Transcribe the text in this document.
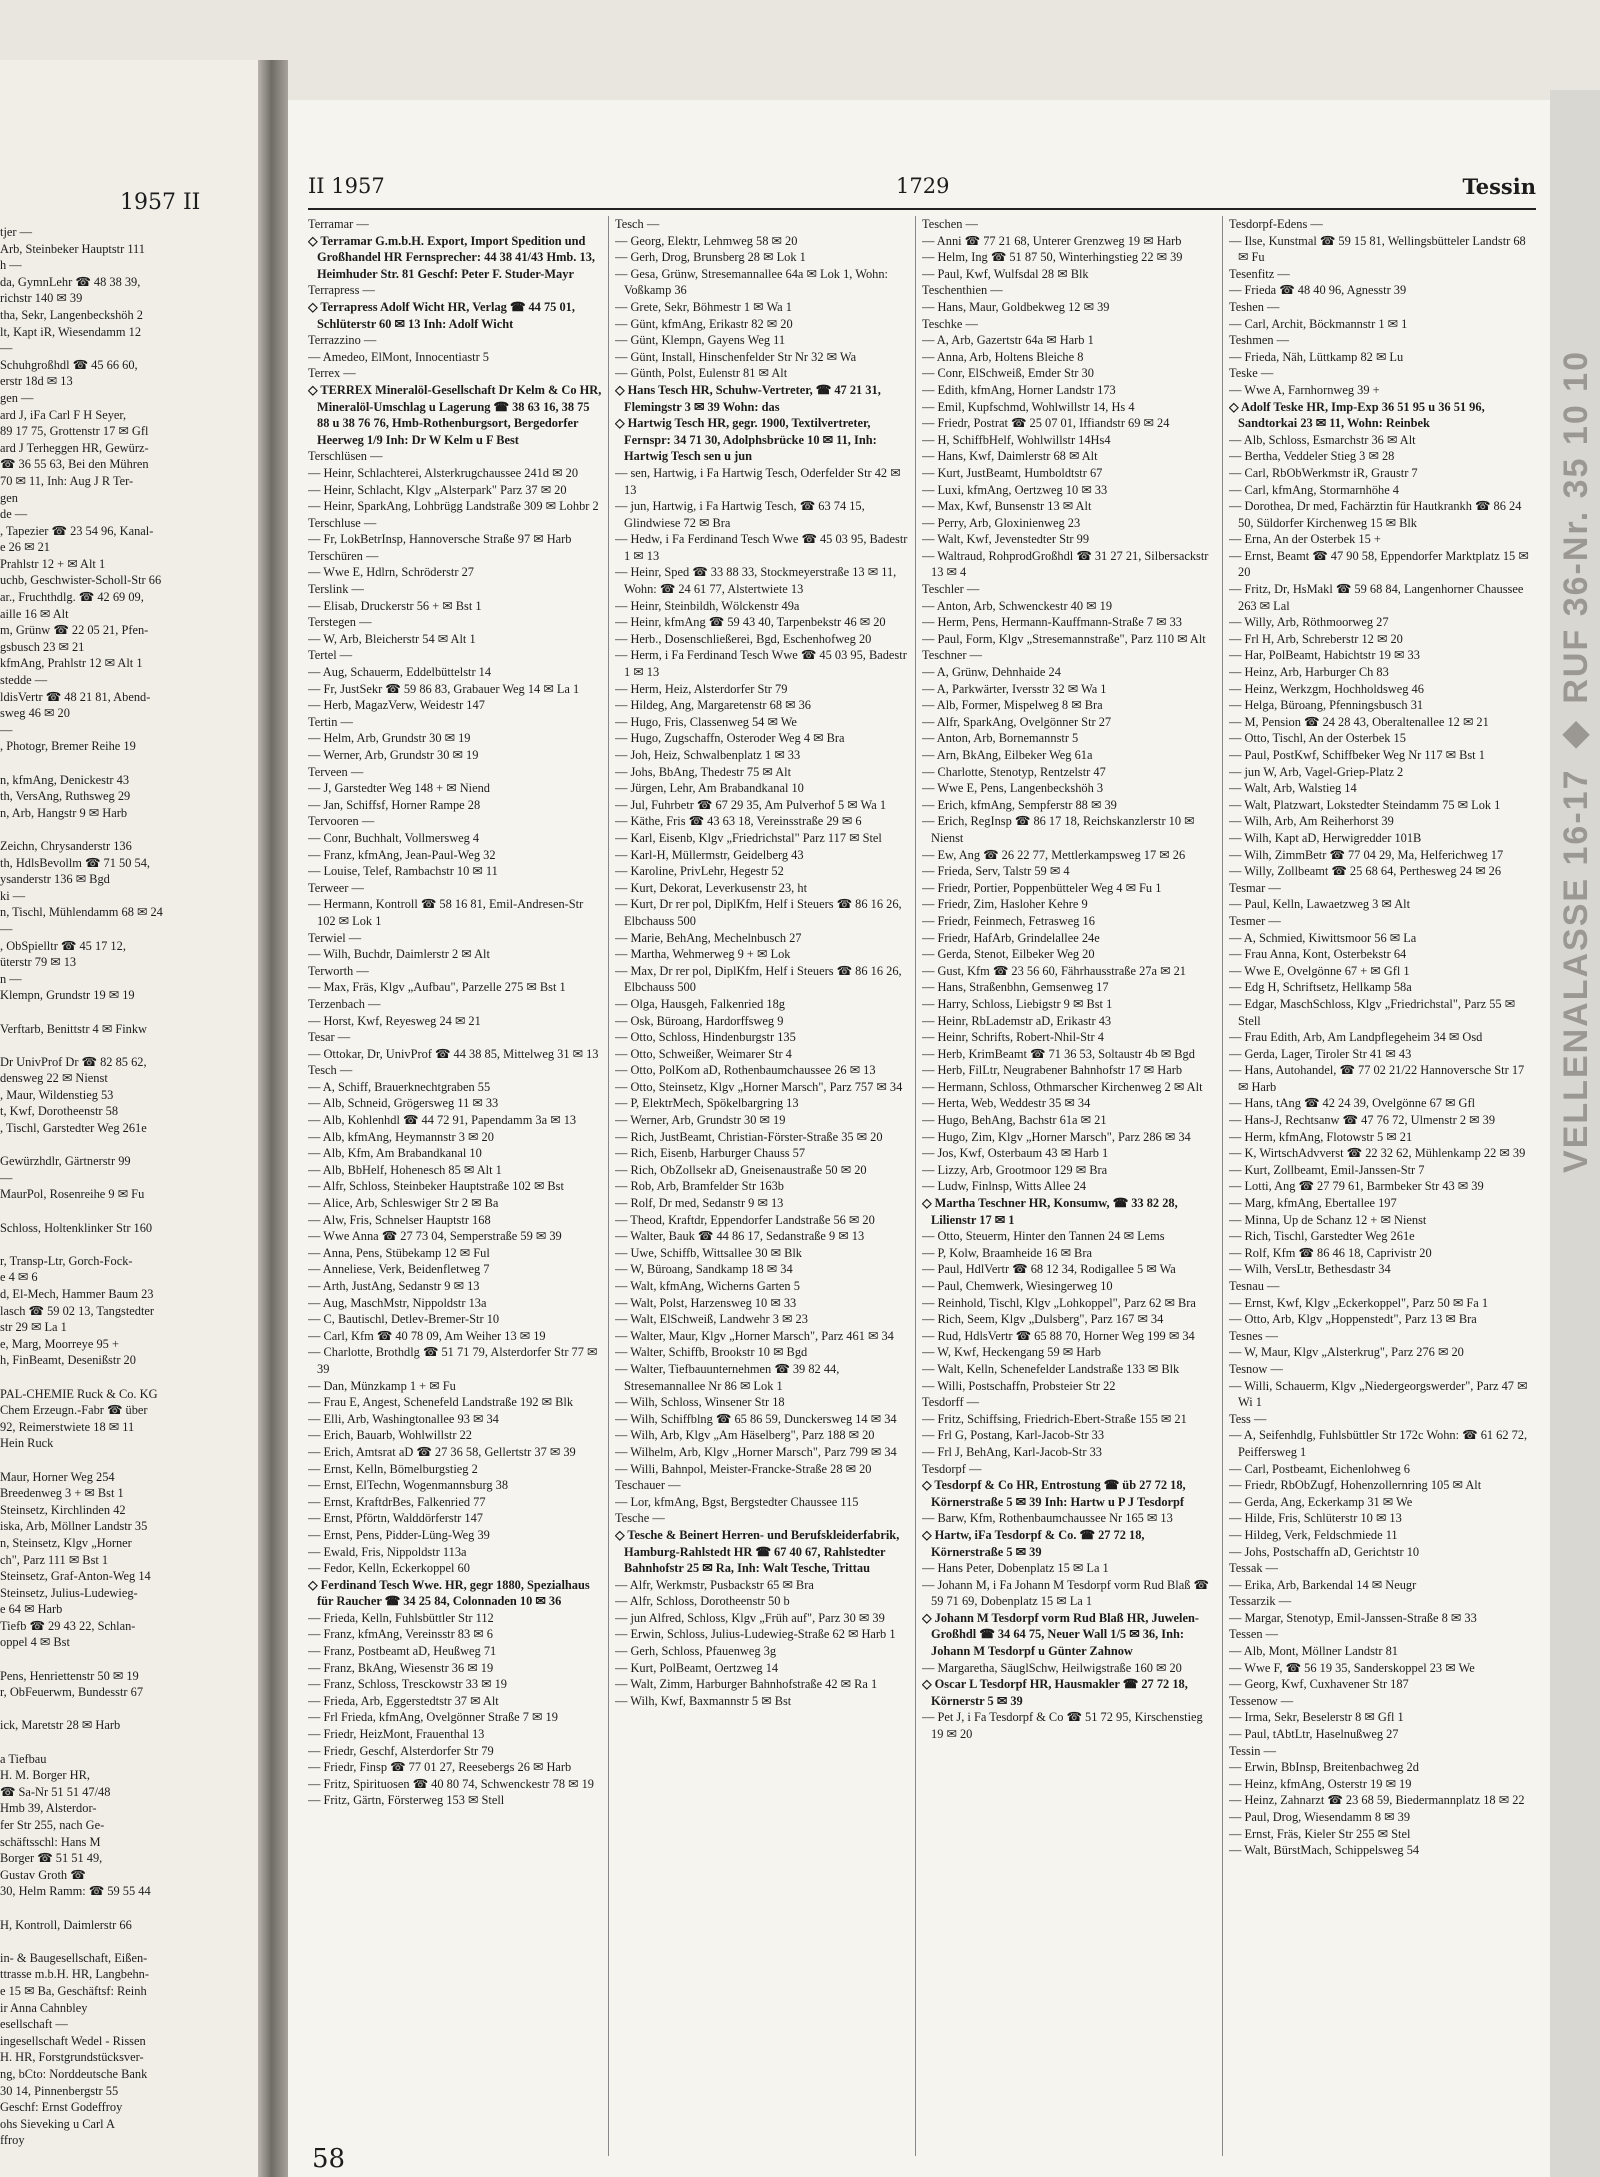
1957 II

tjer —

Arb, Steinbeker Hauptstr 111

h —

da, GymnLehr ☎ 48 38 39,

richstr 140 ✉ 39

tha, Sekr, Langenbeckshöh 2

lt, Kapt iR, Wiesendamm 12

—

Schuhgroßhdl ☎ 45 66 60,

erstr 18d ✉ 13

gen —

ard J, iFa Carl F H Seyer,

89 17 75, Grottenstr 17 ✉ Gfl

ard J Terheggen HR, Gewürz-

☎ 36 55 63, Bei den Mühren

70 ✉ 11, Inh: Aug J R Ter-

gen

de —

, Tapezier ☎ 23 54 96, Kanal-

e 26 ✉ 21

Prahlstr 12 + ✉ Alt 1

uchb, Geschwister-Scholl-Str 66

ar., Fruchthdlg. ☎ 42 69 09,

aille 16 ✉ Alt

m, Grünw ☎ 22 05 21, Pfen-

gsbusch 23 ✉ 21

kfmAng, Prahlstr 12 ✉ Alt 1

stedde —

ldisVertr ☎ 48 21 81, Abend-

sweg 46 ✉ 20

—

, Photogr, Bremer Reihe 19

n, kfmAng, Denickestr 43

th, VersAng, Ruthsweg 29

n, Arb, Hangstr 9 ✉ Harb

Zeichn, Chrysanderstr 136

th, HdlsBevollm ☎ 71 50 54,

ysanderstr 136 ✉ Bgd

ki —

n, Tischl, Mühlendamm 68 ✉ 24

—

, ObSpielltr ☎ 45 17 12,

üterstr 79 ✉ 13

n —

Klempn, Grundstr 19 ✉ 19

Verftarb, Benittstr 4 ✉ Finkw

Dr UnivProf Dr ☎ 82 85 62,

densweg 22 ✉ Nienst

, Maur, Wildenstieg 53

t, Kwf, Dorotheenstr 58

, Tischl, Garstedter Weg 261e

Gewürzhdlr, Gärtnerstr 99

—

MaurPol, Rosenreihe 9 ✉ Fu

Schloss, Holtenklinker Str 160

r, Transp-Ltr, Gorch-Fock-

e 4 ✉ 6

d, El-Mech, Hammer Baum 23

lasch ☎ 59 02 13, Tangstedter

str 29 ✉ La 1

e, Marg, Moorreye 95 +

h, FinBeamt, Desenißstr 20

PAL-CHEMIE Ruck & Co. KG

Chem Erzeugn.-Fabr ☎ über

92, Reimerstwiete 18 ✉ 11

Hein Ruck

Maur, Horner Weg 254

Breedenweg 3 + ✉ Bst 1

Steinsetz, Kirchlinden 42

iska, Arb, Möllner Landstr 35

n, Steinsetz, Klgv „Horner

ch", Parz 111 ✉ Bst 1

Steinsetz, Graf-Anton-Weg 14

Steinsetz, Julius-Ludewieg-

e 64 ✉ Harb

Tiefb ☎ 29 43 22, Schlan-

oppel 4 ✉ Bst

Pens, Henriettenstr 50 ✉ 19

r, ObFeuerwm, Bundesstr 67

ick, Maretstr 28 ✉ Harb

a Tiefbau

H. M. Borger HR,

☎ Sa-Nr 51 51 47/48

Hmb 39, Alsterdor-

fer Str 255, nach Ge-

schäftsschl: Hans M

Borger ☎ 51 51 49,

Gustav Groth ☎

30, Helm Ramm: ☎ 59 55 44

H, Kontroll, Daimlerstr 66

in- & Baugesellschaft, Eißen-

ttrasse m.b.H. HR, Langbehn-

e 15 ✉ Ba, Geschäftsf: Reinh

ir Anna Cahnbley

esellschaft —

ingesellschaft Wedel - Rissen

H. HR, Forstgrundstücksver-

ng, bCto: Norddeutsche Bank

30 14, Pinnenbergstr 55

Geschf: Ernst Godeffroy

ohs Sieveking u Carl A

ffroy

II 1957	1729	Tessin

Terramar —

◇ Terramar G.m.b.H. Export, Import Spedition und Großhandel HR Fernsprecher: 44 38 41/43 Hmb. 13, Heimhuder Str. 81 Geschf: Peter F. Studer-Mayr

Terrapress —

◇ Terrapress Adolf Wicht HR, Verlag ☎ 44 75 01, Schlüterstr 60 ✉ 13 Inh: Adolf Wicht

Terrazzino —

— Amedeo, ElMont, Innocentiastr 5

Terrex —

◇ TERREX Mineralöl-Gesellschaft Dr Kelm & Co HR, Mineralöl-Umschlag u Lagerung ☎ 38 63 16, 38 75 88 u 38 76 76, Hmb-Rothenburgsort, Bergedorfer Heerweg 1/9 Inh: Dr W Kelm u F Best

Terschlüsen —

— Heinr, Schlachterei, Alsterkrugchaussee 241d ✉ 20

— Heinr, Schlacht, Klgv „Alsterpark" Parz 37 ✉ 20

— Heinr, SparkAng, Lohbrügg Landstraße 309 ✉ Lohbr 2

Terschluse —

— Fr, LokBetrInsp, Hannoversche Straße 97 ✉ Harb

Terschüren —

— Wwe E, Hdlrn, Schröderstr 27

Terslink —

— Elisab, Druckerstr 56 + ✉ Bst 1

Terstegen —

— W, Arb, Bleicherstr 54 ✉ Alt 1

Tertel —

— Aug, Schauerm, Eddelbüttelstr 14

— Fr, JustSekr ☎ 59 86 83, Grabauer Weg 14 ✉ La 1

— Herb, MagazVerw, Weidestr 147

Tertin —

— Helm, Arb, Grundstr 30 ✉ 19

— Werner, Arb, Grundstr 30 ✉ 19

Terveen —

— J, Garstedter Weg 148 + ✉ Niend

— Jan, Schiffsf, Horner Rampe 28

Tervooren —

— Conr, Buchhalt, Vollmersweg 4

— Franz, kfmAng, Jean-Paul-Weg 32

— Louise, Telef, Rambachstr 10 ✉ 11

Terweer —

— Hermann, Kontroll ☎ 58 16 81, Emil-Andresen-Str 102 ✉ Lok 1

Terwiel —

— Wilh, Buchdr, Daimlerstr 2 ✉ Alt

Terworth —

— Max, Fräs, Klgv „Aufbau", Parzelle 275 ✉ Bst 1

Terzenbach —

— Horst, Kwf, Reyesweg 24 ✉ 21

Tesar —

— Ottokar, Dr, UnivProf ☎ 44 38 85, Mittelweg 31 ✉ 13

Tesch —

— A, Schiff, Brauerknechtgraben 55

— Alb, Schneid, Grögersweg 11 ✉ 33

— Alb, Kohlenhdl ☎ 44 72 91, Papendamm 3a ✉ 13

— Alb, kfmAng, Heymannstr 3 ✉ 20

— Alb, Kfm, Am Brabandkanal 10

— Alb, BbHelf, Hohenesch 85 ✉ Alt 1

— Alfr, Schloss, Steinbeker Hauptstraße 102 ✉ Bst

— Alice, Arb, Schleswiger Str 2 ✉ Ba

— Alw, Fris, Schnelser Hauptstr 168

— Wwe Anna ☎ 27 73 04, Semperstraße 59 ✉ 39

— Anna, Pens, Stübekamp 12 ✉ Ful

— Anneliese, Verk, Beidenfletweg 7

— Arth, JustAng, Sedanstr 9 ✉ 13

— Aug, MaschMstr, Nippoldstr 13a

— C, Bautischl, Detlev-Bremer-Str 10

— Carl, Kfm ☎ 40 78 09, Am Weiher 13 ✉ 19

— Charlotte, Brothdlg ☎ 51 71 79, Alsterdorfer Str 77 ✉ 39

— Dan, Münzkamp 1 + ✉ Fu

— Frau E, Angest, Schenefeld Landstraße 192 ✉ Blk

— Elli, Arb, Washingtonallee 93 ✉ 34

— Erich, Bauarb, Wohlwillstr 22

— Erich, Amtsrat aD ☎ 27 36 58, Gellertstr 37 ✉ 39

— Ernst, Kelln, Bömelburgstieg 2

— Ernst, ElTechn, Wogenmannsburg 38

— Ernst, KraftdrBes, Falkenried 77

— Ernst, Pförtn, Walddörferstr 147

— Ernst, Pens, Pidder-Lüng-Weg 39

— Ewald, Fris, Nippoldstr 113a

— Fedor, Kelln, Eckerkoppel 60

◇ Ferdinand Tesch Wwe. HR, gegr 1880, Spezialhaus für Raucher ☎ 34 25 84, Colonnaden 10 ✉ 36

— Frieda, Kelln, Fuhlsbüttler Str 112

— Franz, kfmAng, Vereinsstr 83 ✉ 6

— Franz, Postbeamt aD, Heußweg 71

— Franz, BkAng, Wiesenstr 36 ✉ 19

— Franz, Schloss, Tresckowstr 33 ✉ 19

— Frieda, Arb, Eggerstedtstr 37 ✉ Alt

— Frl Frieda, kfmAng, Ovelgönner Straße 7 ✉ 19

— Friedr, HeizMont, Frauenthal 13

— Friedr, Geschf, Alsterdorfer Str 79

— Friedr, Finsp ☎ 77 01 27, Reesebergs 26 ✉ Harb

— Fritz, Spirituosen ☎ 40 80 74, Schwenckestr 78 ✉ 19

— Fritz, Gärtn, Försterweg 153 ✉ Stell

Tesch —

— Georg, Elektr, Lehmweg 58 ✉ 20

— Gerh, Drog, Brunsberg 28 ✉ Lok 1

— Gesa, Grünw, Stresemannallee 64a ✉ Lok 1, Wohn: Voßkamp 36

— Grete, Sekr, Böhmestr 1 ✉ Wa 1

— Günt, kfmAng, Erikastr 82 ✉ 20

— Günt, Klempn, Gayens Weg 11

— Günt, Install, Hinschenfelder Str Nr 32 ✉ Wa

— Günth, Polst, Eulenstr 81 ✉ Alt

◇ Hans Tesch HR, Schuhw-Vertreter, ☎ 47 21 31, Flemingstr 3 ✉ 39 Wohn: das

◇ Hartwig Tesch HR, gegr. 1900, Textilvertreter, Fernspr: 34 71 30, Adolphsbrücke 10 ✉ 11, Inh: Hartwig Tesch sen u jun

— sen, Hartwig, i Fa Hartwig Tesch, Oderfelder Str 42 ✉ 13

— jun, Hartwig, i Fa Hartwig Tesch, ☎ 63 74 15, Glindwiese 72 ✉ Bra

— Hedw, i Fa Ferdinand Tesch Wwe ☎ 45 03 95, Badestr 1 ✉ 13

— Heinr, Sped ☎ 33 88 33, Stockmeyerstraße 13 ✉ 11, Wohn: ☎ 24 61 77, Alstertwiete 13

— Heinr, Steinbildh, Wölckenstr 49a

— Heinr, kfmAng ☎ 59 43 40, Tarpenbekstr 46 ✉ 20

— Herb., Dosenschließerei, Bgd, Eschenhofweg 20

— Herm, i Fa Ferdinand Tesch Wwe ☎ 45 03 95, Badestr 1 ✉ 13

— Herm, Heiz, Alsterdorfer Str 79

— Hildeg, Ang, Margaretenstr 68 ✉ 36

— Hugo, Fris, Classenweg 54 ✉ We

— Hugo, Zugschaffn, Osteroder Weg 4 ✉ Bra

— Joh, Heiz, Schwalbenplatz 1 ✉ 33

— Johs, BbAng, Thedestr 75 ✉ Alt

— Jürgen, Lehr, Am Brabandkanal 10

— Jul, Fuhrbetr ☎ 67 29 35, Am Pulverhof 5 ✉ Wa 1

— Käthe, Fris ☎ 43 63 18, Vereinsstraße 29 ✉ 6

— Karl, Eisenb, Klgv „Friedrichstal" Parz 117 ✉ Stel

— Karl-H, Müllermstr, Geidelberg 43

— Karoline, PrivLehr, Hegestr 52

— Kurt, Dekorat, Leverkusenstr 23, ht

— Kurt, Dr rer pol, DiplKfm, Helf i Steuers ☎ 86 16 26, Elbchauss 500

— Marie, BehAng, Mechelnbusch 27

— Martha, Wehmerweg 9 + ✉ Lok

— Max, Dr rer pol, DiplKfm, Helf i Steuers ☎ 86 16 26, Elbchauss 500

— Olga, Hausgeh, Falkenried 18g

— Osk, Büroang, Hardorffsweg 9

— Otto, Schloss, Hindenburgstr 135

— Otto, Schweißer, Weimarer Str 4

— Otto, PolKom aD, Rothenbaumchaussee 26 ✉ 13

— Otto, Steinsetz, Klgv „Horner Marsch", Parz 757 ✉ 34

— P, ElektrMech, Spökelbargring 13

— Werner, Arb, Grundstr 30 ✉ 19

— Rich, JustBeamt, Christian-Förster-Straße 35 ✉ 20

— Rich, Eisenb, Harburger Chauss 57

— Rich, ObZollsekr aD, Gneisenaustraße 50 ✉ 20

— Rob, Arb, Bramfelder Str 163b

— Rolf, Dr med, Sedanstr 9 ✉ 13

— Theod, Kraftdr, Eppendorfer Landstraße 56 ✉ 20

— Walter, Bauk ☎ 44 86 17, Sedanstraße 9 ✉ 13

— Uwe, Schiffb, Wittsallee 30 ✉ Blk

— W, Büroang, Sandkamp 18 ✉ 34

— Walt, kfmAng, Wicherns Garten 5

— Walt, Polst, Harzensweg 10 ✉ 33

— Walt, ElSchweiß, Landwehr 3 ✉ 23

— Walter, Maur, Klgv „Horner Marsch", Parz 461 ✉ 34

— Walter, Schiffb, Brookstr 10 ✉ Bgd

— Walter, Tiefbauunternehmen ☎ 39 82 44, Stresemannallee Nr 86 ✉ Lok 1

— Wilh, Schloss, Winsener Str 18

— Wilh, Schiffblng ☎ 65 86 59, Dunckersweg 14 ✉ 34

— Wilh, Arb, Klgv „Am Häselberg", Parz 188 ✉ 20

— Wilhelm, Arb, Klgv „Horner Marsch", Parz 799 ✉ 34

— Willi, Bahnpol, Meister-Francke-Straße 28 ✉ 20

Teschauer —

— Lor, kfmAng, Bgst, Bergstedter Chaussee 115

Tesche —

◇ Tesche & Beinert Herren- und Berufskleiderfabrik, Hamburg-Rahlstedt HR ☎ 67 40 67, Rahlstedter Bahnhofstr 25 ✉ Ra, Inh: Walt Tesche, Trittau

— Alfr, Werkmstr, Pusbackstr 65 ✉ Bra

— Alfr, Schloss, Dorotheenstr 50 b

— jun Alfred, Schloss, Klgv „Früh auf", Parz 30 ✉ 39

— Erwin, Schloss, Julius-Ludewieg-Straße 62 ✉ Harb 1

— Gerh, Schloss, Pfauenweg 3g

— Kurt, PolBeamt, Oertzweg 14

— Walt, Zimm, Harburger Bahnhofstraße 42 ✉ Ra 1

— Wilh, Kwf, Baxmannstr 5 ✉ Bst

Teschen —

— Anni ☎ 77 21 68, Unterer Grenzweg 19 ✉ Harb

— Helm, Ing ☎ 51 87 50, Winterhingstieg 22 ✉ 39

— Paul, Kwf, Wulfsdal 28 ✉ Blk

Teschenthien —

— Hans, Maur, Goldbekweg 12 ✉ 39

Teschke —

— A, Arb, Gazertstr 64a ✉ Harb 1

— Anna, Arb, Holtens Bleiche 8

— Conr, ElSchweiß, Emder Str 30

— Edith, kfmAng, Horner Landstr 173

— Emil, Kupfschmd, Wohlwillstr 14, Hs 4

— Friedr, Postrat ☎ 25 07 01, Iffiandstr 69 ✉ 24

— H, SchiffbHelf, Wohlwillstr 14Hs4

— Hans, Kwf, Daimlerstr 68 ✉ Alt

— Kurt, JustBeamt, Humboldtstr 67

— Luxi, kfmAng, Oertzweg 10 ✉ 33

— Max, Kwf, Bunsenstr 13 ✉ Alt

— Perry, Arb, Gloxinienweg 23

— Walt, Kwf, Jevenstedter Str 99

— Waltraud, RohprodGroßhdl ☎ 31 27 21, Silbersackstr 13 ✉ 4

Teschler —

— Anton, Arb, Schwenckestr 40 ✉ 19

— Herm, Pens, Hermann-Kauffmann-Straße 7 ✉ 33

— Paul, Form, Klgv „Stresemannstraße", Parz 110 ✉ Alt

Teschner —

— A, Grünw, Dehnhaide 24

— A, Parkwärter, Iversstr 32 ✉ Wa 1

— Alb, Former, Mispelweg 8 ✉ Bra

— Alfr, SparkAng, Ovelgönner Str 27

— Anton, Arb, Bornemannstr 5

— Arn, BkAng, Eilbeker Weg 61a

— Charlotte, Stenotyp, Rentzelstr 47

— Wwe E, Pens, Langenbeckshöh 3

— Erich, kfmAng, Sempferstr 88 ✉ 39

— Erich, RegInsp ☎ 86 17 18, Reichskanzlerstr 10 ✉ Nienst

— Ew, Ang ☎ 26 22 77, Mettlerkampsweg 17 ✉ 26

— Frieda, Serv, Talstr 59 ✉ 4

— Friedr, Portier, Poppenbütteler Weg 4 ✉ Fu 1

— Friedr, Zim, Hasloher Kehre 9

— Friedr, Feinmech, Fetrasweg 16

— Friedr, HafArb, Grindelallee 24e

— Gerda, Stenot, Eilbeker Weg 20

— Gust, Kfm ☎ 23 56 60, Fährhausstraße 27a ✉ 21

— Hans, Straßenbhn, Gemsenweg 17

— Harry, Schloss, Liebigstr 9 ✉ Bst 1

— Heinr, RbLademstr aD, Erikastr 43

— Heinr, Schrifts, Robert-Nhil-Str 4

— Herb, KrimBeamt ☎ 71 36 53, Soltaustr 4b ✉ Bgd

— Herb, FilLtr, Neugrabener Bahnhofstr 17 ✉ Harb

— Hermann, Schloss, Othmarscher Kirchenweg 2 ✉ Alt

— Herta, Web, Weddestr 35 ✉ 34

— Hugo, BehAng, Bachstr 61a ✉ 21

— Hugo, Zim, Klgv „Horner Marsch", Parz 286 ✉ 34

— Jos, Kwf, Osterbaum 43 ✉ Harb 1

— Lizzy, Arb, Grootmoor 129 ✉ Bra

— Ludw, Finlnsp, Witts Allee 24

◇ Martha Teschner HR, Konsumw, ☎ 33 82 28, Lilienstr 17 ✉ 1

— Otto, Steuerm, Hinter den Tannen 24 ✉ Lems

— P, Kolw, Braamheide 16 ✉ Bra

— Paul, HdlVertr ☎ 68 12 34, Rodigallee 5 ✉ Wa

— Paul, Chemwerk, Wiesingerweg 10

— Reinhold, Tischl, Klgv „Lohkoppel", Parz 62 ✉ Bra

— Rich, Seem, Klgv „Dulsberg", Parz 167 ✉ 34

— Rud, HdlsVertr ☎ 65 88 70, Horner Weg 199 ✉ 34

— W, Kwf, Heckengang 59 ✉ Harb

— Walt, Kelln, Schenefelder Landstraße 133 ✉ Blk

— Willi, Postschaffn, Probsteier Str 22

Tesdorff —

— Fritz, Schiffsing, Friedrich-Ebert-Straße 155 ✉ 21

— Frl G, Postang, Karl-Jacob-Str 33

— Frl J, BehAng, Karl-Jacob-Str 33

Tesdorpf —

◇ Tesdorpf & Co HR, Entrostung ☎ üb 27 72 18, Körnerstraße 5 ✉ 39 Inh: Hartw u P J Tesdorpf

— Barw, Kfm, Rothenbaumchaussee Nr 165 ✉ 13

◇ Hartw, iFa Tesdorpf & Co. ☎ 27 72 18, Körnerstraße 5 ✉ 39

— Hans Peter, Dobenplatz 15 ✉ La 1

— Johann M, i Fa Johann M Tesdorpf vorm Rud Blaß ☎ 59 71 69, Dobenplatz 15 ✉ La 1

◇ Johann M Tesdorpf vorm Rud Blaß HR, Juwelen-Großhdl ☎ 34 64 75, Neuer Wall 1/5 ✉ 36, Inh: Johann M Tesdorpf u Günter Zahnow

— Margaretha, SäuglSchw, Heilwigstraße 160 ✉ 20

◇ Oscar L Tesdorpf HR, Hausmakler ☎ 27 72 18, Körnerstr 5 ✉ 39

— Pet J, i Fa Tesdorpf & Co ☎ 51 72 95, Kirschenstieg 19 ✉ 20

Tesdorpf-Edens —

— Ilse, Kunstmal ☎ 59 15 81, Wellingsbütteler Landstr 68 ✉ Fu

Tesenfitz —

— Frieda ☎ 48 40 96, Agnesstr 39

Teshen —

— Carl, Archit, Böckmannstr 1 ✉ 1

Teshmen —

— Frieda, Näh, Lüttkamp 82 ✉ Lu

Teske —

— Wwe A, Farnhornweg 39 +

◇ Adolf Teske HR, Imp-Exp 36 51 95 u 36 51 96, Sandtorkai 23 ✉ 11, Wohn: Reinbek

— Alb, Schloss, Esmarchstr 36 ✉ Alt

— Bertha, Veddeler Stieg 3 ✉ 28

— Carl, RbObWerkmstr iR, Graustr 7

— Carl, kfmAng, Stormarnhöhe 4

— Dorothea, Dr med, Fachärztin für Hautkrankh ☎ 86 24 50, Süldorfer Kirchenweg 15 ✉ Blk

— Erna, An der Osterbek 15 +

— Ernst, Beamt ☎ 47 90 58, Eppendorfer Marktplatz 15 ✉ 20

— Fritz, Dr, HsMakl ☎ 59 68 84, Langenhorner Chaussee 263 ✉ Lal

— Willy, Arb, Röthmoorweg 27

— Frl H, Arb, Schreberstr 12 ✉ 20

— Har, PolBeamt, Habichtstr 19 ✉ 33

— Heinz, Arb, Harburger Ch 83

— Heinz, Werkzgm, Hochholdsweg 46

— Helga, Büroang, Pfenningsbusch 31

— M, Pension ☎ 24 28 43, Oberaltenallee 12 ✉ 21

— Otto, Tischl, An der Osterbek 15

— Paul, PostKwf, Schiffbeker Weg Nr 117 ✉ Bst 1

— jun W, Arb, Vagel-Griep-Platz 2

— Walt, Arb, Walstieg 14

— Walt, Platzwart, Lokstedter Steindamm 75 ✉ Lok 1

— Wilh, Arb, Am Reiherhorst 39

— Wilh, Kapt aD, Herwigredder 101B

— Wilh, ZimmBetr ☎ 77 04 29, Ma, Helferichweg 17

— Willy, Zollbeamt ☎ 25 68 64, Perthesweg 24 ✉ 26

Tesmar —

— Paul, Kelln, Lawaetzweg 3 ✉ Alt

Tesmer —

— A, Schmied, Kiwittsmoor 56 ✉ La

— Frau Anna, Kont, Osterbekstr 64

— Wwe E, Ovelgönne 67 + ✉ Gfl 1

— Edg H, Schriftsetz, Hellkamp 58a

— Edgar, MaschSchloss, Klgv „Friedrichstal", Parz 55 ✉ Stell

— Frau Edith, Arb, Am Landpflegeheim 34 ✉ Osd

— Gerda, Lager, Tiroler Str 41 ✉ 43

— Hans, Autohandel, ☎ 77 02 21/22 Hannoversche Str 17 ✉ Harb

— Hans, tAng ☎ 42 24 39, Ovelgönne 67 ✉ Gfl

— Hans-J, Rechtsanw ☎ 47 76 72, Ulmenstr 2 ✉ 39

— Herm, kfmAng, Flotowstr 5 ✉ 21

— K, WirtschAdvverst ☎ 22 32 62, Mühlenkamp 22 ✉ 39

— Kurt, Zollbeamt, Emil-Janssen-Str 7

— Lotti, Ang ☎ 27 79 61, Barmbeker Str 43 ✉ 39

— Marg, kfmAng, Ebertallee 197

— Minna, Up de Schanz 12 + ✉ Nienst

— Rich, Tischl, Garstedter Weg 261e

— Rolf, Kfm ☎ 86 46 18, Caprivistr 20

— Wilh, VersLtr, Bethesdastr 34

Tesnau —

— Ernst, Kwf, Klgv „Eckerkoppel", Parz 50 ✉ Fa 1

— Otto, Arb, Klgv „Hoppenstedt", Parz 13 ✉ Bra

Tesnes —

— W, Maur, Klgv „Alsterkrug", Parz 276 ✉ 20

Tesnow —

— Willi, Schauerm, Klgv „Niedergeorgswerder", Parz 47 ✉ Wi 1

Tess —

— A, Seifenhdlg, Fuhlsbüttler Str 172c Wohn: ☎ 61 62 72, Peiffersweg 1

— Carl, Postbeamt, Eichenlohweg 6

— Friedr, RbObZugf, Hohenzollernring 105 ✉ Alt

— Gerda, Ang, Eckerkamp 31 ✉ We

— Hilde, Fris, Schlüterstr 10 ✉ 13

— Hildeg, Verk, Feldschmiede 11

— Johs, Postschaffn aD, Gerichtstr 10

Tessak —

— Erika, Arb, Barkendal 14 ✉ Neugr

Tessarzik —

— Margar, Stenotyp, Emil-Janssen-Straße 8 ✉ 33

Tessen —

— Alb, Mont, Möllner Landstr 81

— Wwe F, ☎ 56 19 35, Sanderskoppel 23 ✉ We

— Georg, Kwf, Cuxhavener Str 187

Tessenow —

— Irma, Sekr, Beselerstr 8 ✉ Gfl 1

— Paul, tAbtLtr, Haselnußweg 27

Tessin —

— Erwin, BbInsp, Breitenbachweg 2d

— Heinz, kfmAng, Osterstr 19 ✉ 19

— Heinz, Zahnarzt ☎ 23 68 59, Biedermannplatz 18 ✉ 22

— Paul, Drog, Wiesendamm 8 ✉ 39

— Ernst, Fräs, Kieler Str 255 ✉ Stel

— Walt, BürstMach, Schippelsweg 54

58
VELLENALASSE 16-17 ◆ RUF 36-Nr. 35 10 10
